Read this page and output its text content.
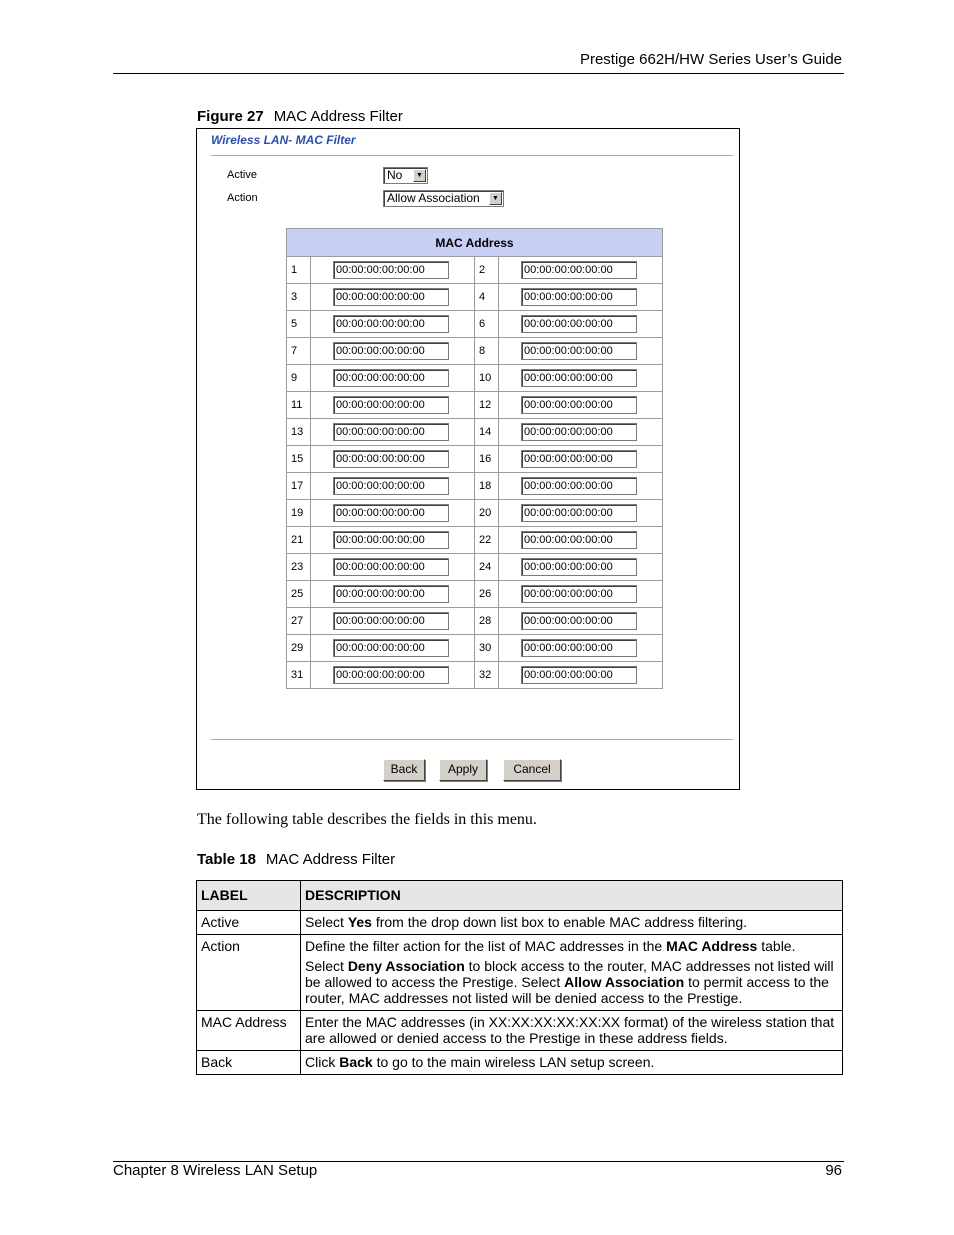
Prestige 662H/HW Series User’s Guide
Figure 27 MAC Address Filter
Wireless LAN- MAC Filter
Active	No	▼
Action	Allow Association	▼
MAC Address			
1	00:00:00:00:00:00	2	00:00:00:00:00:00

3	00:00:00:00:00:00	4	00:00:00:00:00:00

5	00:00:00:00:00:00	6	00:00:00:00:00:00

7	00:00:00:00:00:00	8	00:00:00:00:00:00

9	00:00:00:00:00:00	10	00:00:00:00:00:00

11	00:00:00:00:00:00	12	00:00:00:00:00:00

13	00:00:00:00:00:00	14	00:00:00:00:00:00

15	00:00:00:00:00:00	16	00:00:00:00:00:00

17	00:00:00:00:00:00	18	00:00:00:00:00:00

19	00:00:00:00:00:00	20	00:00:00:00:00:00

21	00:00:00:00:00:00	22	00:00:00:00:00:00

23	00:00:00:00:00:00	24	00:00:00:00:00:00

25	00:00:00:00:00:00	26	00:00:00:00:00:00

27	00:00:00:00:00:00	28	00:00:00:00:00:00

29	00:00:00:00:00:00	30	00:00:00:00:00:00

31	00:00:00:00:00:00	32	00:00:00:00:00:00
Back	Apply	Cancel
The following table describes the fields in this menu.
Table 18 MAC Address Filter
LABEL	DESCRIPTION
Active	Select Yes from the drop down list box to enable MAC address filtering.

Action	Define the filter action for the list of MAC addresses in the MAC Address table.

Select Deny Association to block access to the router, MAC addresses not listed will be allowed to access the Prestige. Select Allow Association to permit access to the router, MAC addresses not listed will be denied access to the Prestige.

MAC Address	Enter the MAC addresses (in XX:XX:XX:XX:XX:XX format) of the wireless station that are allowed or denied access to the Prestige in these address fields.

Back	Click Back to go to the main wireless LAN setup screen.

Chapter 8 Wireless LAN Setup	96
